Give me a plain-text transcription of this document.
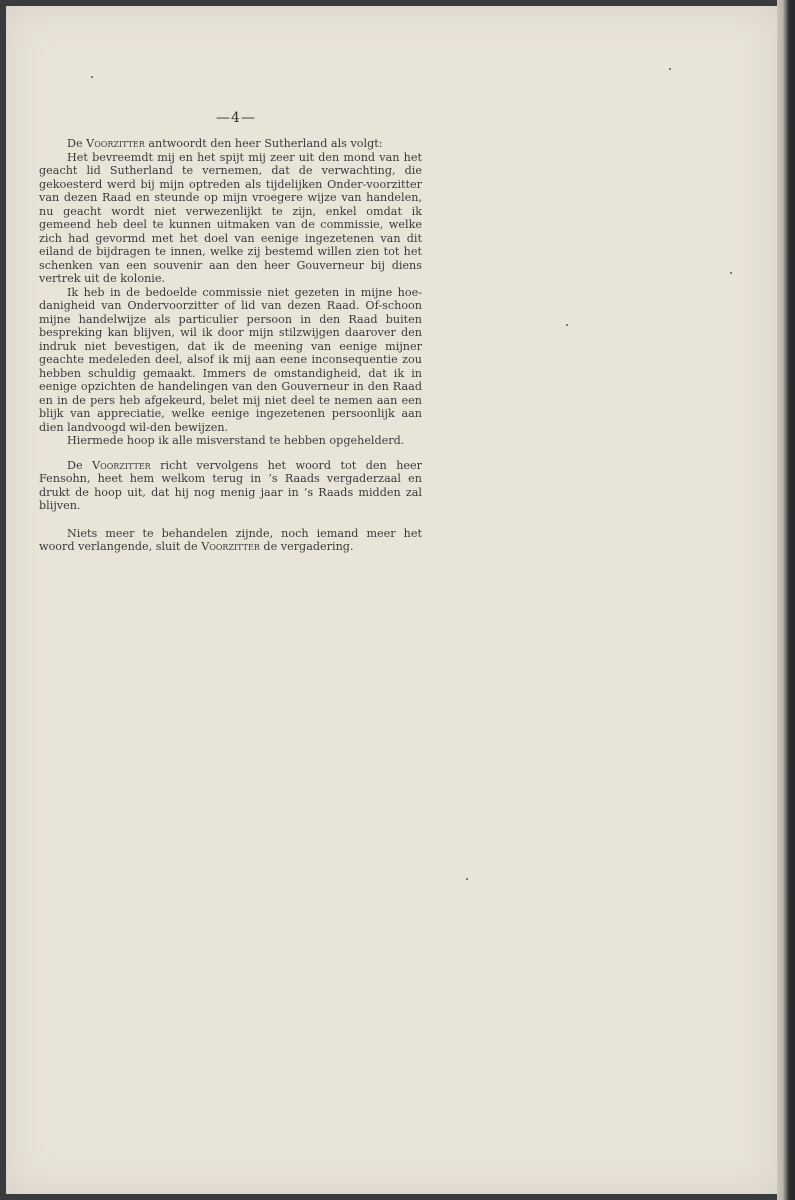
—4—

De Voorzitter antwoordt den heer Sutherland als volgt:

Het bevreemdt mij en het spijt mij zeer uit den mond van het geacht lid Sutherland te vernemen, dat de verwachting, die gekoesterd werd bij mijn optreden als tijdelijken Onder-voorzitter van dezen Raad en steunde op mijn vroegere wijze van handelen, nu geacht wordt niet verwezenlijkt te zijn, enkel omdat ik gemeend heb deel te kunnen uitmaken van de commissie, welke zich had gevormd met het doel van eenige ingezetenen van dit eiland de bijdragen te innen, welke zij bestemd willen zien tot het schenken van een souvenir aan den heer Gouverneur bij diens vertrek uit de kolonie.

Ik heb in de bedoelde commissie niet gezeten in mijne hoe-danigheid van Ondervoorzitter of lid van dezen Raad. Of-schoon mijne handelwijze als particulier persoon in den Raad buiten bespreking kan blijven, wil ik door mijn stilzwijgen daarover den indruk niet bevestigen, dat ik de meening van eenige mijner geachte medeleden deel, alsof ik mij aan eene inconsequentie zou hebben schuldig gemaakt. Immers de omstandigheid, dat ik in eenige opzichten de handelingen van den Gouverneur in den Raad en in de pers heb afgekeurd, belet mij niet deel te nemen aan een blijk van appreciatie, welke eenige ingezetenen persoonlijk aan dien landvoogd wil-den bewijzen.

Hiermede hoop ik alle misverstand te hebben opgehelderd.

De Voorzitter richt vervolgens het woord tot den heer Fensohn, heet hem welkom terug in ’s Raads vergaderzaal en drukt de hoop uit, dat hij nog menig jaar in ’s Raads midden zal blijven.

Niets meer te behandelen zijnde, noch iemand meer het woord verlangende, sluit de Voorzitter de vergadering.
